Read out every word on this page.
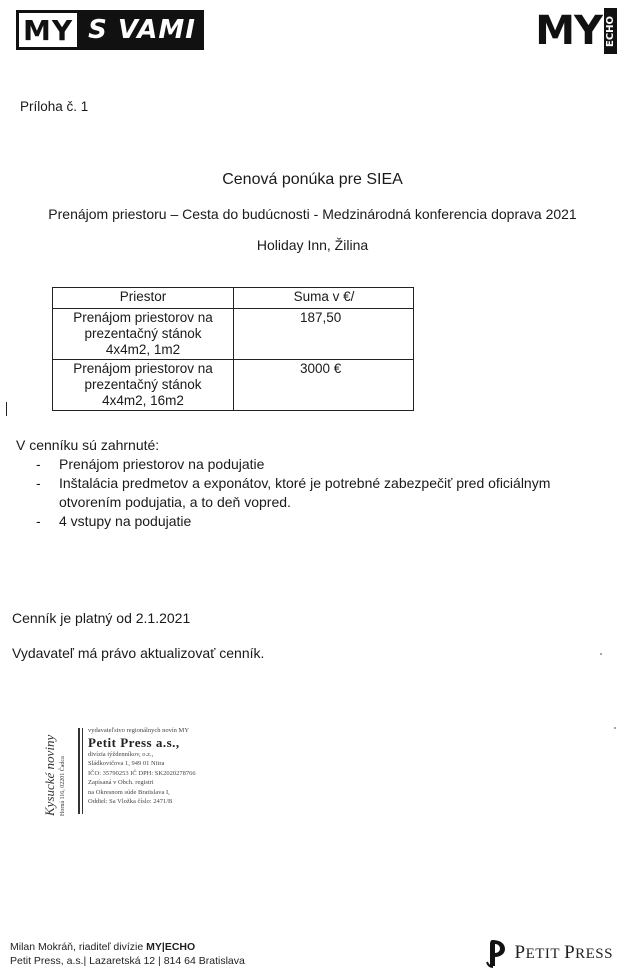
MY S VAMI	MY ECHO
Príloha č. 1
Cenová ponúka pre SIEA
Prenájom priestoru – Cesta do budúcnosti - Medzinárodná konferencia doprava 2021
Holiday Inn, Žilina
Priestor	Suma v €/

Prenájom priestorov na
prezentačný stánok
4x4m2, 1m2	187,50

Prenájom priestorov na
prezentačný stánok
4x4m2, 16m2	3000 €
V cenníku sú zahrnuté:
- Prenájom priestorov na podujatie
- Inštalácia predmetov a exponátov, ktoré je potrebné zabezpečiť pred oficiálnym
otvorením podujatia, a to deň vopred.
- 4 vstupy na podujatie
Cenník je platný od 2.1.2021
Vydavateľ má právo aktualizovať cenník.
Kysucké noviny Horná 116, 02201 Čadca
vydavateľstvo regionálnych novín MY
Petit Press a.s.,
divízia týždenníkov, o.z.,
Sládkovičova 1, 949 01 Nitra
IČO: 35790253 IČ DPH: SK2020278766
Zapísaná v Obch. registri
na Okresnom súde Bratislava I,
Oddiel: Sa Vložka číslo: 2471/B
Milan Mokráň, riaditeľ divízie MY|ECHO
Petit Press, a.s.| Lazaretská 12 | 814 64 Bratislava	PETIT PRESS
